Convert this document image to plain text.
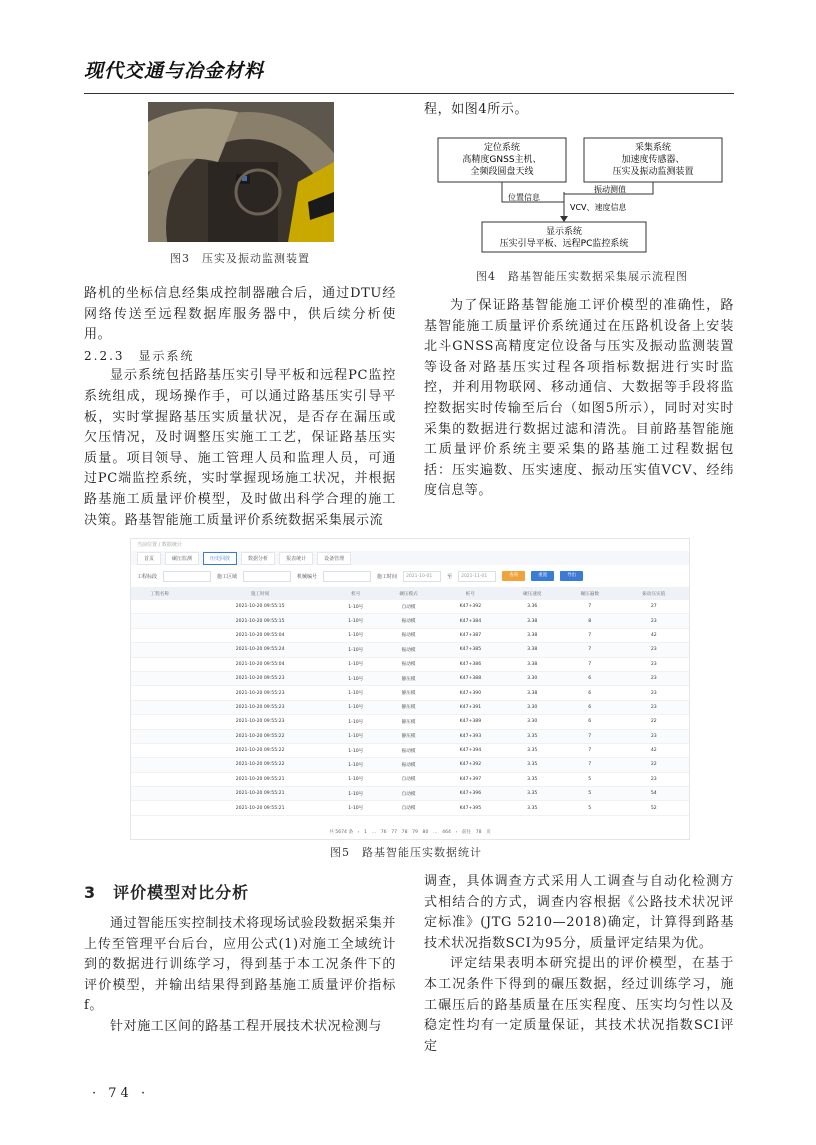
现代交通与冶金材料
图3　压实及振动监测装置

路机的坐标信息经集成控制器融合后，通过DTU经网络传送至远程数据库服务器中，供后续分析使用。

2.2.3　显示系统

显示系统包括路基压实引导平板和远程PC监控系统组成，现场操作手，可以通过路基压实引导平板，实时掌握路基压实质量状况，是否存在漏压或欠压情况，及时调整压实施工工艺，保证路基压实质量。项目领导、施工管理人员和监理人员，可通过PC端监控系统，实时掌握现场施工状况，并根据路基施工质量评价模型，及时做出科学合理的施工决策。路基智能施工质量评价系统数据采集展示流

程，如图4所示。

定位系统
高精度GNSS主机、
全频段圆盘天线
采集系统
加速度传感器、
压实及振动监测装置
显示系统
压实引导平板、远程PC监控系统
位置信息
振动测值
VCV、速度信息
图4　路基智能压实数据采集展示流程图

为了保证路基智能施工评价模型的准确性，路基智能施工质量评价系统通过在压路机设备上安装北斗GNSS高精度定位设备与压实及振动监测装置等设备对路基压实过程各项指标数据进行实时监控，并利用物联网、移动通信、大数据等手段将监控数据实时传输至后台（如图5所示），同时对实时采集的数据进行数据过滤和清洗。目前路基智能施工质量评价系统主要采集的路基施工过程数据包括：压实遍数、压实速度、振动压实值VCV、经纬度信息等。

当前位置 / 数据统计
首页	碾压监测	历史回放	数据分析	报表统计	设备管理
工程标段	施工区域	机械编号	施工时间	2021-10-01	至	2021-11-01	查询	重置	导出
工程名称	施工时间	机号	碾压模式	桩号	碾压速度	碾压遍数	振动压实值
	2021-10-20 09:55:15	1-10号	自动模	K47+392	3.36	7	27
	2021-10-20 09:55:15	1-10号	振动模	K47+384	3.38	8	23
	2021-10-20 09:55:04	1-10号	振动模	K47+387	3.38	7	42
	2021-10-20 09:55:24	1-10号	振动模	K47+385	3.38	7	23
	2021-10-20 09:55:04	1-10号	振动模	K47+386	3.38	7	23
	2021-10-20 09:55:23	1-10号	静压模	K47+388	3.30	6	23
	2021-10-20 09:55:23	1-10号	静压模	K47+390	3.38	6	23
	2021-10-20 09:55:23	1-10号	静压模	K47+391	3.30	6	23
	2021-10-20 09:55:23	1-10号	静压模	K47+389	3.30	6	22
	2021-10-20 09:55:22	1-10号	静压模	K47+393	3.35	7	23
	2021-10-20 09:55:22	1-10号	振动模	K47+394	3.35	7	42
	2021-10-20 09:55:22	1-10号	振动模	K47+392	3.35	7	22
	2021-10-20 09:55:21	1-10号	自动模	K47+397	3.35	5	23
	2021-10-20 09:55:21	1-10号	自动模	K47+396	3.35	5	54
	2021-10-20 09:55:21	1-10号	自动模	K47+395	3.35	5	52
共 5674 条　‹　1　…　76　77　78　79　80　…　464　›　前往　78　页
图5　路基智能压实数据统计
3　评价模型对比分析

通过智能压实控制技术将现场试验段数据采集并上传至管理平台后台，应用公式(1)对施工全域统计到的数据进行训练学习，得到基于本工况条件下的评价模型，并输出结果得到路基施工质量评价指标f。

针对施工区间的路基工程开展技术状况检测与

调查，具体调查方式采用人工调查与自动化检测方式相结合的方式，调查内容根据《公路技术状况评定标准》(JTG 5210—2018)确定，计算得到路基技术状况指数SCI为95分，质量评定结果为优。

评定结果表明本研究提出的评价模型，在基于本工况条件下得到的碾压数据，经过训练学习，施工碾压后的路基质量在压实程度、压实均匀性以及稳定性均有一定质量保证，其技术状况指数SCI评定

· 74 ·
